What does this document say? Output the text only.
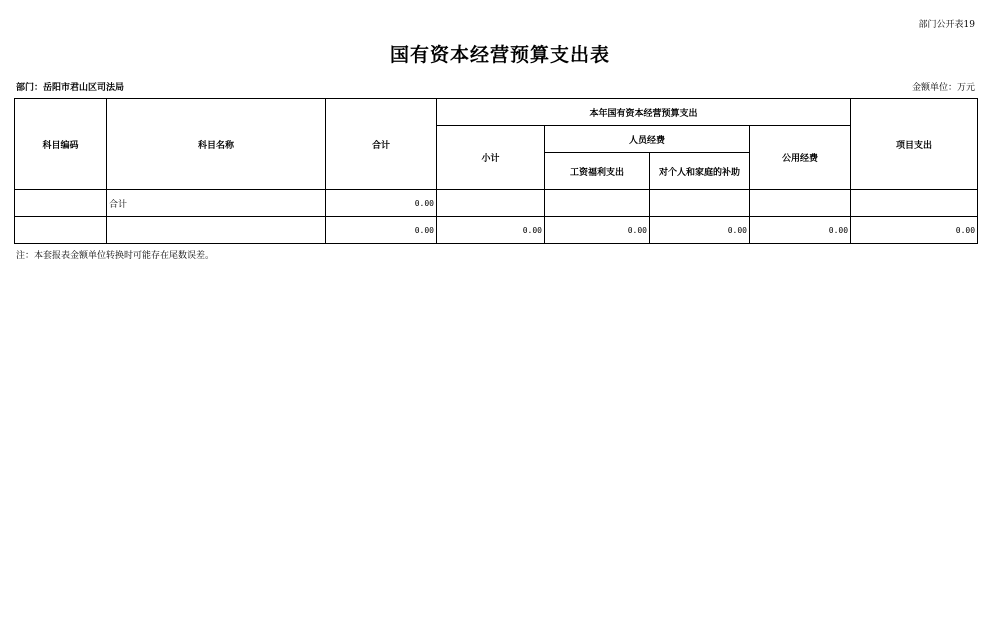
部门公开表19
国有资本经营预算支出表
部门：岳阳市君山区司法局	金额单位：万元
科目编码	科目名称	合计	本年国有资本经营预算支出				项目支出
			小计	人员经费		公用经费	
				工资福利支出	对个人和家庭的补助		
	合计	0.00					
		0.00	0.00	0.00	0.00	0.00	0.00
注：本套报表金额单位转换时可能存在尾数误差。
